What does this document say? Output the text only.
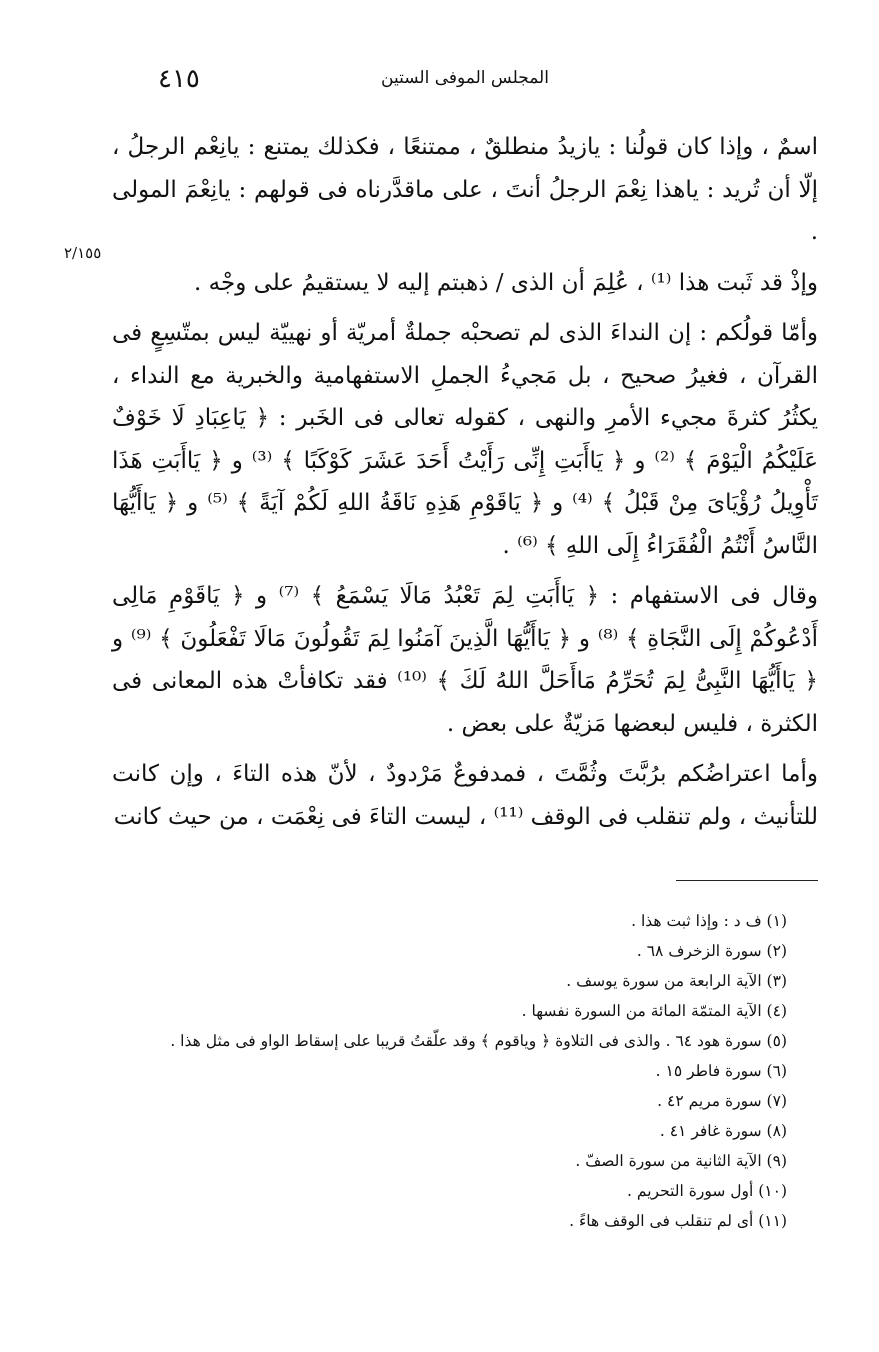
٤١٥	المجلس الموفى الستين
٢/١٥٥

اسمٌ ، وإذا كان قولُنا : يازيدُ منطلقٌ ، ممتنعًا ، فكذلك يمتنع : يانِعْم الرجلُ ، إلّا أن تُريد : ياهذا نِعْمَ الرجلُ أنتَ ، على ماقدَّرناه فى قولهم : يانِعْمَ المولى .

وإذْ قد ثَبت هذا ⁽¹⁾ ، عُلِمَ أن الذى / ذهبتم إليه لا يستقيمُ على وجْه .

وأمّا قولُكم : إن النداءَ الذى لم تصحبْه جملةٌ أمريّة أو نهييّة ليس بمتّسِعٍ فى القرآن ، فغيرُ صحيح ، بل مَجيءُ الجملِ الاستفهامية والخبرية مع النداء ، يكثُرُ كثرةَ مجيء الأمرِ والنهى ، كقوله تعالى فى الخَبر : ﴿ يَاعِبَادِ لَا خَوْفٌ عَلَيْكُمُ الْيَوْمَ ﴾ ⁽²⁾ و ﴿ يَاأَبَتِ إِنِّى رَأَيْتُ أَحَدَ عَشَرَ كَوْكَبًا ﴾ ⁽³⁾ و ﴿ يَاأَبَتِ هَذَا تَأْوِيلُ رُؤْيَاىَ مِنْ قَبْلُ ﴾ ⁽⁴⁾ و ﴿ يَاقَوْمِ هَذِهِ نَاقَةُ اللهِ لَكُمْ آيَةً ﴾ ⁽⁵⁾ و ﴿ يَاأَيُّهَا النَّاسُ أَنْتُمُ الْفُقَرَاءُ إِلَى اللهِ ﴾ ⁽⁶⁾ .

وقال فى الاستفهام : ﴿ يَاأَبَتِ لِمَ تَعْبُدُ مَالَا يَسْمَعُ ﴾ ⁽⁷⁾ و ﴿ يَاقَوْمِ مَالِى أَدْعُوكُمْ إِلَى النَّجَاةِ ﴾ ⁽⁸⁾ و ﴿ يَاأَيُّهَا الَّذِينَ آمَنُوا لِمَ تَقُولُونَ مَالَا تَفْعَلُونَ ﴾ ⁽⁹⁾ و ﴿ يَاأَيُّهَا النَّبِىُّ لِمَ تُحَرِّمُ مَاأَحَلَّ اللهُ لَكَ ﴾ ⁽¹⁰⁾ فقد تكافأتْ هذه المعانى فى الكثرة ، فليس لبعضها مَزيّةٌ على بعض .

وأما اعتراضُكم برُبَّتَ وثُمَّتَ ، فمدفوعٌ مَرْدودٌ ، لأنّ هذه التاءَ ، وإن كانت للتأنيث ، ولم تنقلب فى الوقف ⁽¹¹⁾ ، ليست التاءَ فى نِعْمَت ، من حيث كانت

(١) ف د : وإذا ثبت هذا .
(٢) سورة الزخرف ٦٨ .
(٣) الآية الرابعة من سورة يوسف .
(٤) الآية المتمّة المائة من السورة نفسها .
(٥) سورة هود ٦٤ . والذى فى التلاوة ﴿ وياقوم ﴾ وقد علّقتُ قريبا على إسقاط الواو فى مثل هذا .
(٦) سورة فاطر ١٥ .
(٧) سورة مريم ٤٢ .
(٨) سورة غافر ٤١ .
(٩) الآية الثانية من سورة الصفّ .
(١٠) أول سورة التحريم .
(١١) أى لم تنقلب فى الوقف هاءً .
